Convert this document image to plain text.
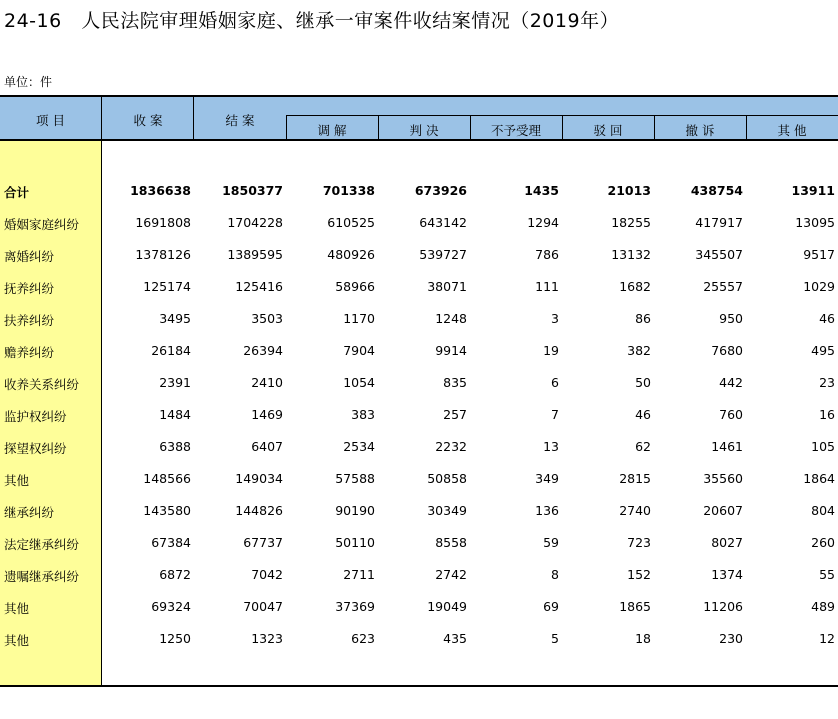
24-16　人民法院审理婚姻家庭、继承一审案件收结案情况（2019年）
单位：件
项 目	收 案	结 案
调 解	判 决	不予受理	驳 回	撤 诉	其 他
合计	1836638	1850377	701338	673926	1435	21013	438754	13911
婚姻家庭纠纷	1691808	1704228	610525	643142	1294	18255	417917	13095
离婚纠纷	1378126	1389595	480926	539727	786	13132	345507	9517
抚养纠纷	125174	125416	58966	38071	111	1682	25557	1029
扶养纠纷	3495	3503	1170	1248	3	86	950	46
赡养纠纷	26184	26394	7904	9914	19	382	7680	495
收养关系纠纷	2391	2410	1054	835	6	50	442	23
监护权纠纷	1484	1469	383	257	7	46	760	16
探望权纠纷	6388	6407	2534	2232	13	62	1461	105
其他	148566	149034	57588	50858	349	2815	35560	1864
继承纠纷	143580	144826	90190	30349	136	2740	20607	804
法定继承纠纷	67384	67737	50110	8558	59	723	8027	260
遗嘱继承纠纷	6872	7042	2711	2742	8	152	1374	55
其他	69324	70047	37369	19049	69	1865	11206	489
其他	1250	1323	623	435	5	18	230	12
